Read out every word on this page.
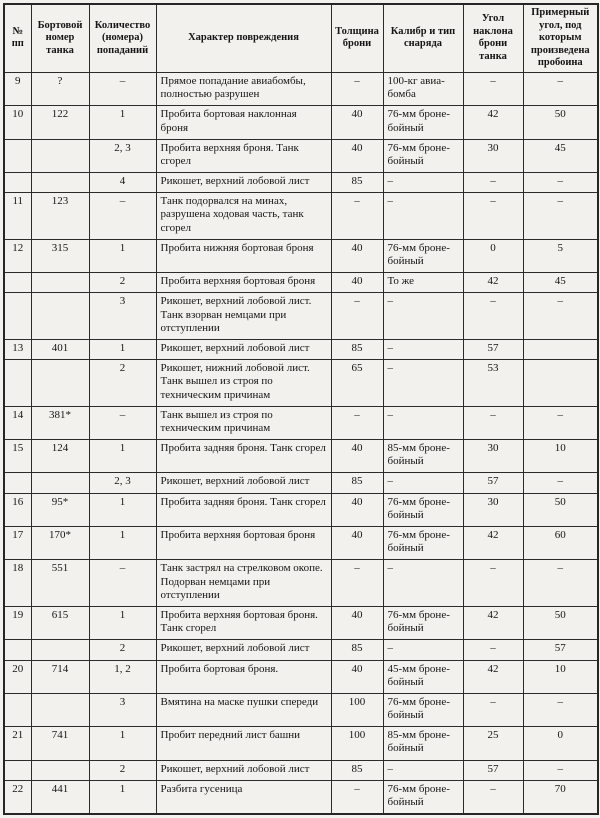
№ пп	Бортовой номер танка	Количество (номера) попаданий	Характер повреждения	Толщина брони	Калибр и тип снаряда	Угол наклона брони танка	Примерный угол, под которым произведена пробоина
9	?	–	Прямое попадание авиабомбы, полностью разрушен	–	100-кг авиа-бомба	–	–
10	122	1	Пробита бортовая наклонная броня	40	76-мм броне-бойный	42	50
		2, 3	Пробита верхняя броня. Танк сгорел	40	76-мм броне-бойный	30	45
		4	Рикошет, верхний лобовой лист	85	–	–	–
11	123	–	Танк подорвался на минах, разрушена ходовая часть, танк сгорел	–	–	–	–
12	315	1	Пробита нижняя бортовая броня	40	76-мм броне-бойный	0	5
		2	Пробита верхняя бортовая броня	40	То же	42	45
		3	Рикошет, верхний лобовой лист. Танк взорван немцами при отступлении	–	–	–	–
13	401	1	Рикошет, верхний лобовой лист	85	–	57	
		2	Рикошет, нижний лобовой лист. Танк вышел из строя по техническим причинам	65	–	53	
14	381*	–	Танк вышел из строя по техническим причинам	–	–	–	–
15	124	1	Пробита задняя броня. Танк сгорел	40	85-мм броне-бойный	30	10
		2, 3	Рикошет, верхний лобовой лист	85	–	57	–
16	95*	1	Пробита задняя броня. Танк сгорел	40	76-мм броне-бойный	30	50
17	170*	1	Пробита верхняя бортовая броня	40	76-мм броне-бойный	42	60
18	551	–	Танк застрял на стрелковом окопе. Подорван немцами при отступлении	–	–	–	–
19	615	1	Пробита верхняя бортовая броня. Танк сгорел	40	76-мм броне-бойный	42	50
		2	Рикошет, верхний лобовой лист	85	–	–	57
20	714	1, 2	Пробита бортовая броня.	40	45-мм броне-бойный	42	10
		3	Вмятина на маске пушки спереди	100	76-мм броне-бойный	–	–
21	741	1	Пробит передний лист башни	100	85-мм броне-бойный	25	0
		2	Рикошет, верхний лобовой лист	85	–	57	–
22	441	1	Разбита гусеница	–	76-мм броне-бойный	–	70
